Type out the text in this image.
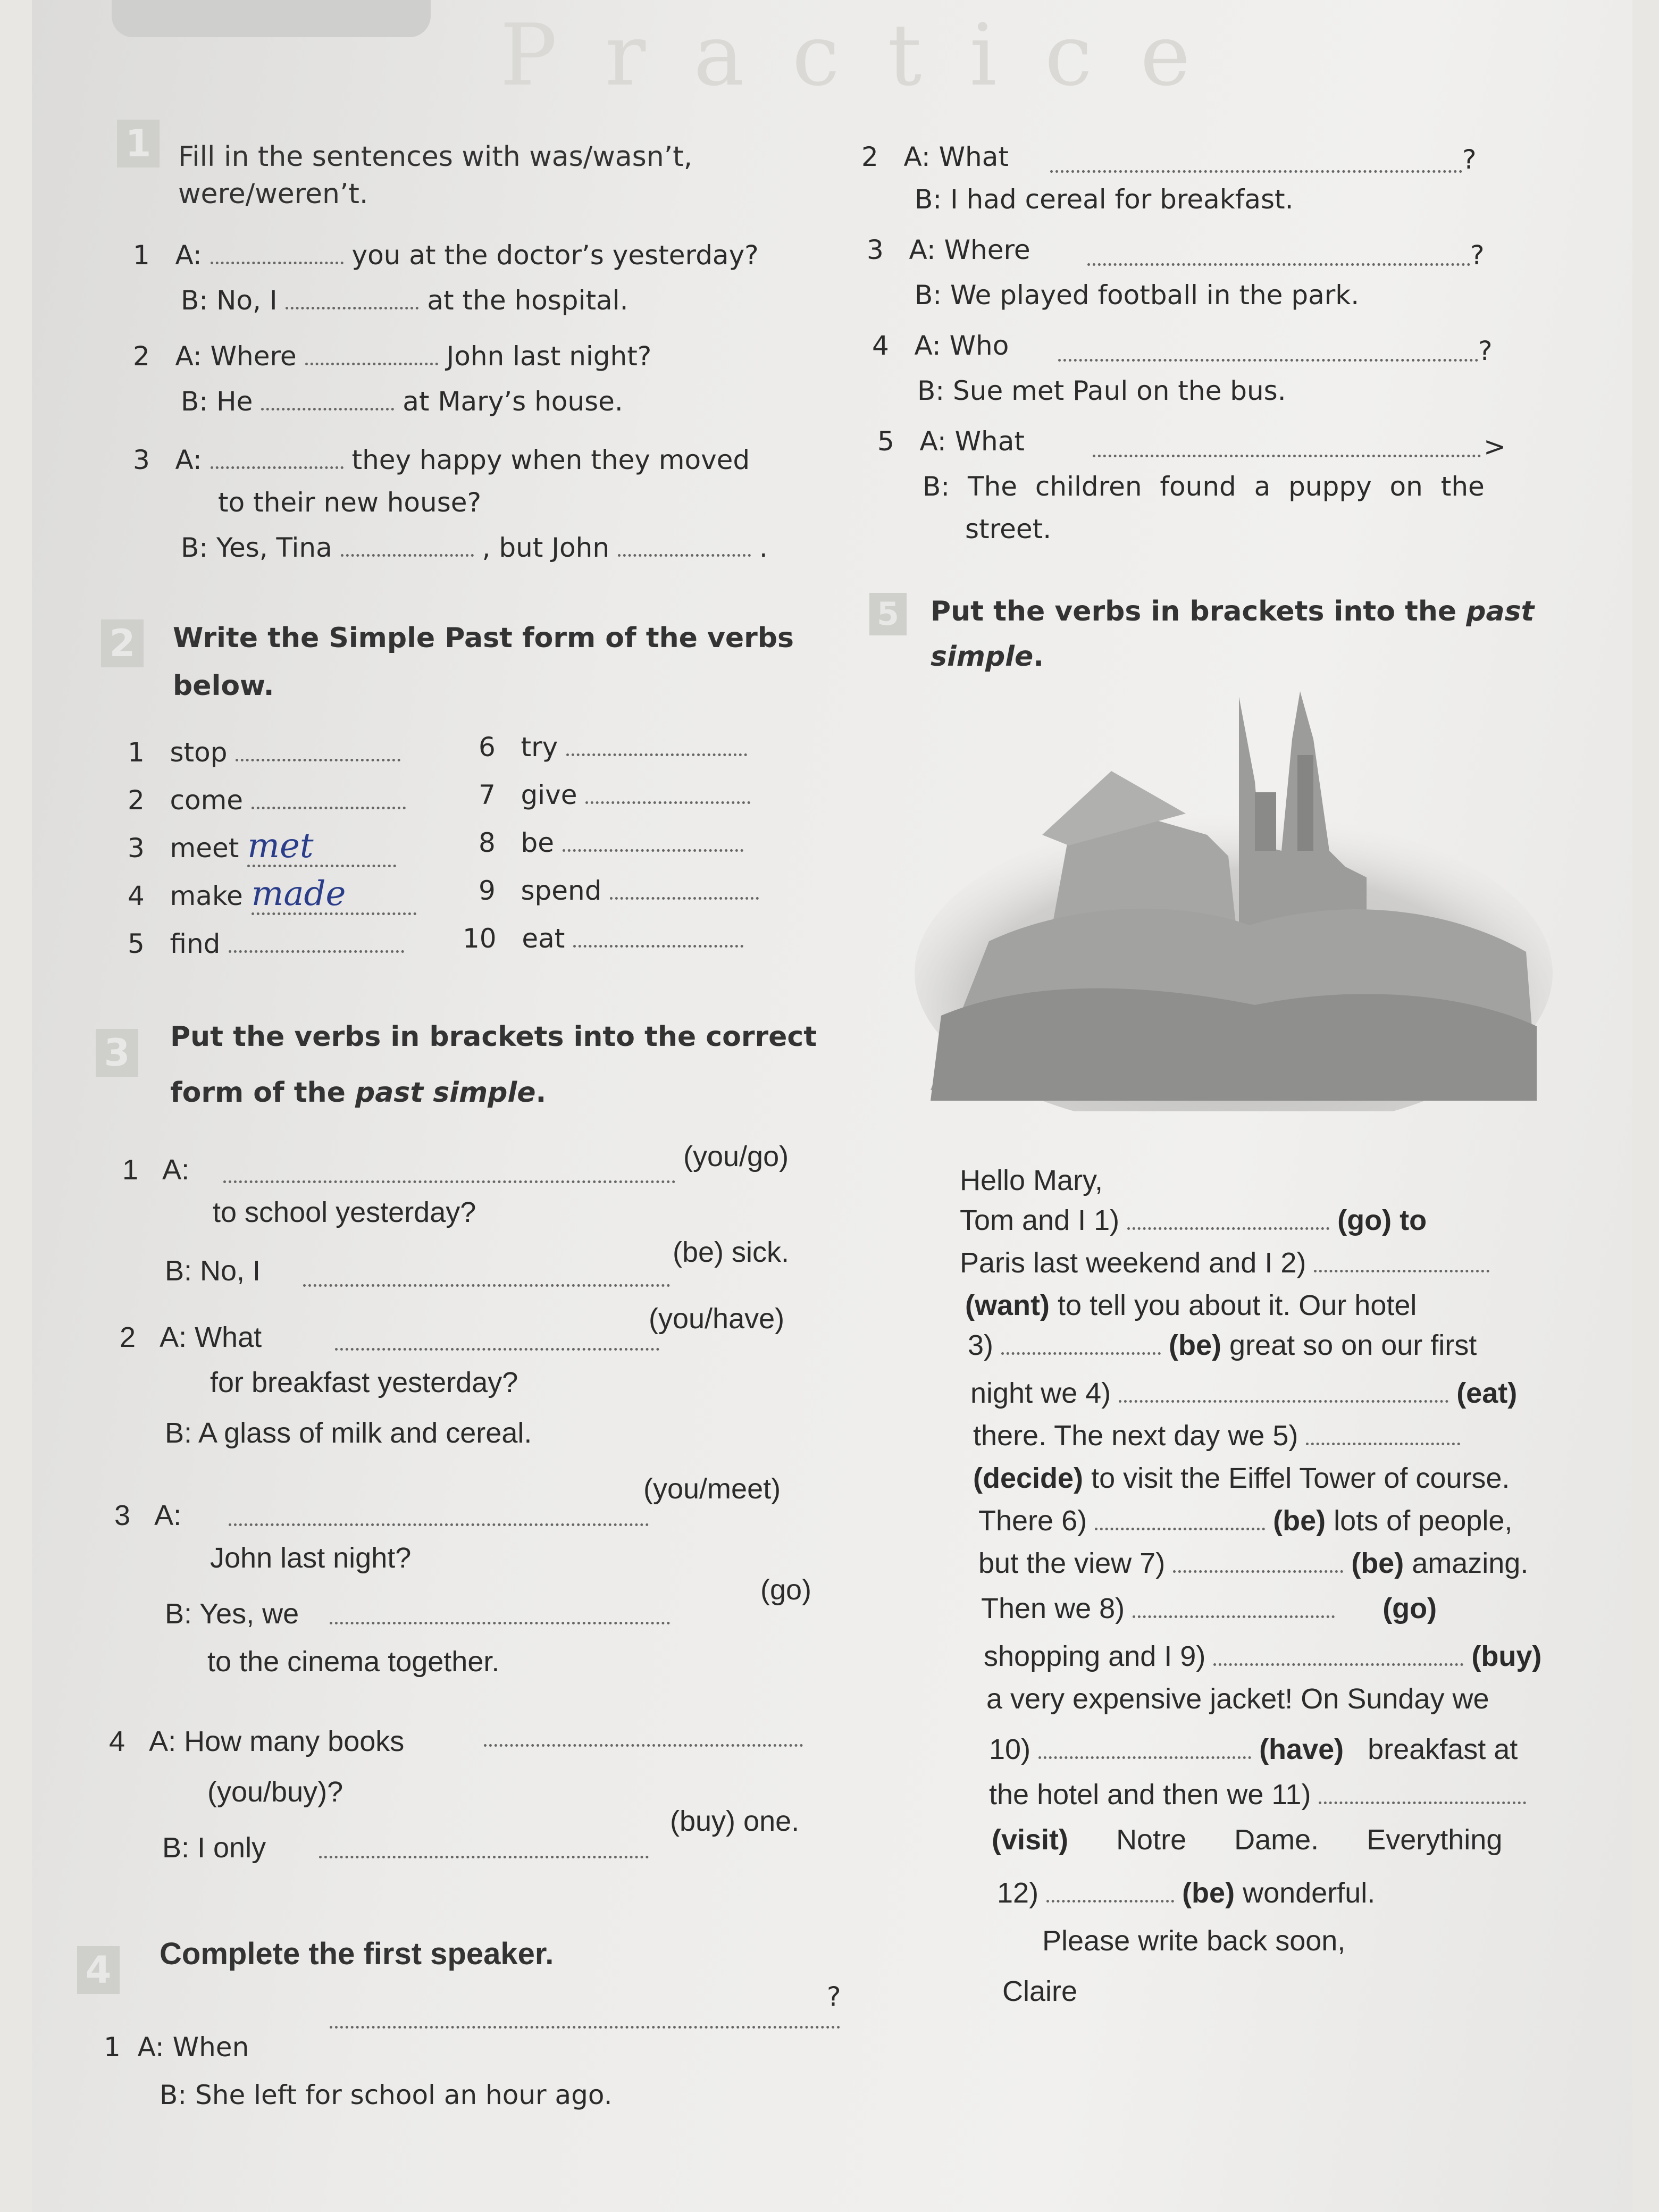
Practice
1 Fill in the sentences with was/wasn’t,
were/weren’t.
1 A:	you at the doctor’s yesterday?
B: No, I	at the hospital.
2 A: Where	John last night?
B: He	at Mary’s house.
3 A:	they happy when they moved
to their new house?
B: Yes, Tina	, but John	.
2	Write the Simple Past form of the verbs
below.
1 stop
2 come
3 meet met
4 make made
5 find
6 try
7 give
8 be
9 spend
10 eat
3	Put the verbs in brackets into the correct
form of the past simple.
1 A:	(you/go)
to school yesterday?
B: No, I
(be) sick.
2 A: What
(you/have)
for breakfast yesterday?
B: A glass of milk and cereal.
3 A:
(you/meet)
John last night?
B: Yes, we
(go)
to the cinema together.
4 A: How many books
(you/buy)?
B: I only
(buy) one.
4 Complete the first speaker.
1 A: When
?
B: She left for school an hour ago.
2 A: What	?
B: I had cereal for breakfast.
3 A: Where	?
B: We played football in the park.
4 A: Who	?
B: Sue met Paul on the bus.
5 A: What	>
B: The children found a puppy on the
street.
5 Put the verbs in brackets into the past
simple.
Hello Mary,
Tom and I 1)	(go) to
Paris last weekend and I 2)
(want) to tell you about it. Our hotel
3)	(be) great so on our first
night we 4)	(eat)
there. The next day we 5)
(decide) to visit the Eiffel Tower of course.
There 6)	(be) lots of people,
but the view 7)	(be) amazing.
Then we 8)	(go)
shopping and I 9)	(buy)
a very expensive jacket! On Sunday we
10)	(have) breakfast at
the hotel and then we 11)
(visit) Notre Dame. Everything
12)	(be) wonderful.
Please write back soon,
Claire
